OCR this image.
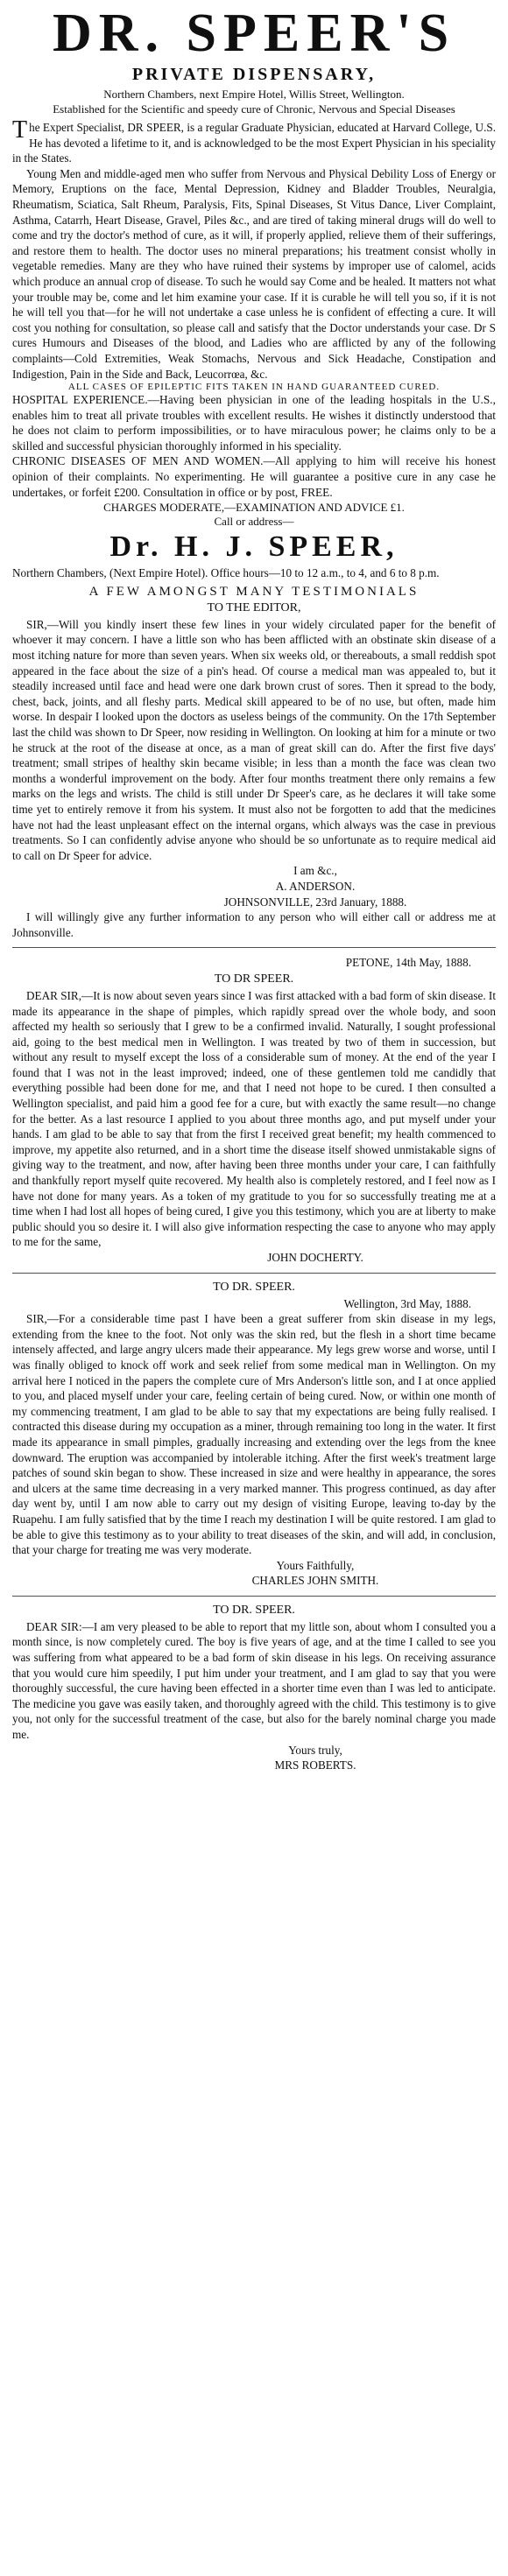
DR. SPEER'S
PRIVATE DISPENSARY,
Northern Chambers, next Empire Hotel, Willis Street, Wellington.
Established for the Scientific and speedy cure of Chronic, Nervous and Special Diseases

The Expert Specialist, DR SPEER, is a regular Graduate Physician, educated at Harvard College, U.S. He has devoted a lifetime to it, and is acknowledged to be the most Expert Physician in his speciality in the States.

Young Men and middle-aged men who suffer from Nervous and Physical Debility Loss of Energy or Memory, Eruptions on the face, Mental Depression, Kidney and Bladder Troubles, Neuralgia, Rheumatism, Sciatica, Salt Rheum, Paralysis, Fits, Spinal Diseases, St Vitus Dance, Liver Complaint, Asthma, Catarrh, Heart Disease, Gravel, Piles &c., and are tired of taking mineral drugs will do well to come and try the doctor's method of cure, as it will, if properly applied, relieve them of their sufferings, and restore them to health. The doctor uses no mineral preparations; his treatment consist wholly in vegetable remedies. Many are they who have ruined their systems by improper use of calomel, acids which produce an annual crop of disease. To such he would say Come and be healed. It matters not what your trouble may be, come and let him examine your case. If it is curable he will tell you so, if it is not he will tell you that—for he will not undertake a case unless he is confident of effecting a cure. It will cost you nothing for consultation, so please call and satisfy that the Doctor understands your case. Dr S cures Humours and Diseases of the blood, and Ladies who are afflicted by any of the following complaints—Cold Extremities, Weak Stomachs, Nervous and Sick Headache, Constipation and Indigestion, Pain in the Side and Back, Leucorrœa, &c.

ALL CASES OF EPILEPTIC FITS TAKEN IN HAND GUARANTEED CURED.

HOSPITAL EXPERIENCE.—Having been physician in one of the leading hospitals in the U.S., enables him to treat all private troubles with excellent results. He wishes it distinctly understood that he does not claim to perform impossibilities, or to have miraculous power; he claims only to be a skilled and successful physician thoroughly informed in his speciality.

CHRONIC DISEASES OF MEN AND WOMEN.—All applying to him will receive his honest opinion of their complaints. No experimenting. He will guarantee a positive cure in any case he undertakes, or forfeit £200. Consultation in office or by post, FREE.

CHARGES MODERATE,—EXAMINATION AND ADVICE £1.
Call or address—
Dr. H. J. SPEER,

Northern Chambers, (Next Empire Hotel). Office hours—10 to 12 a.m., to 4, and 6 to 8 p.m.

A FEW AMONGST MANY TESTIMONIALS
TO THE EDITOR,

SIR,—Will you kindly insert these few lines in your widely circulated paper for the benefit of whoever it may concern. I have a little son who has been afflicted with an obstinate skin disease of a most itching nature for more than seven years. When six weeks old, or thereabouts, a small reddish spot appeared in the face about the size of a pin's head. Of course a medical man was appealed to, but it steadily increased until face and head were one dark brown crust of sores. Then it spread to the body, chest, back, joints, and all fleshy parts. Medical skill appeared to be of no use, but often, made him worse. In despair I looked upon the doctors as useless beings of the community. On the 17th September last the child was shown to Dr Speer, now residing in Wellington. On looking at him for a minute or two he struck at the root of the disease at once, as a man of great skill can do. After the first five days' treatment; small stripes of healthy skin became visible; in less than a month the face was clean two months a wonderful improvement on the body. After four months treatment there only remains a few marks on the legs and wrists. The child is still under Dr Speer's care, as he declares it will take some time yet to entirely remove it from his system. It must also not be forgotten to add that the medicines have not had the least unpleasant effect on the internal organs, which always was the case in previous treatments. So I can confidently advise anyone who should be so unfortunate as to require medical aid to call on Dr Speer for advice.

I am &c.,
A. ANDERSON.
JOHNSONVILLE, 23rd January, 1888.

I will willingly give any further information to any person who will either call or address me at Johnsonville.

PETONE, 14th May, 1888.
TO DR SPEER.

DEAR SIR,—It is now about seven years since I was first attacked with a bad form of skin disease. It made its appearance in the shape of pimples, which rapidly spread over the whole body, and soon affected my health so seriously that I grew to be a confirmed invalid. Naturally, I sought professional aid, going to the best medical men in Wellington. I was treated by two of them in succession, but without any result to myself except the loss of a considerable sum of money. At the end of the year I found that I was not in the least improved; indeed, one of these gentlemen told me candidly that everything possible had been done for me, and that I need not hope to be cured. I then consulted a Wellington specialist, and paid him a good fee for a cure, but with exactly the same result—no change for the better. As a last resource I applied to you about three months ago, and put myself under your hands. I am glad to be able to say that from the first I received great benefit; my health commenced to improve, my appetite also returned, and in a short time the disease itself showed unmistakable signs of giving way to the treatment, and now, after having been three months under your care, I can faithfully and thankfully report myself quite recovered. My health also is completely restored, and I feel now as I have not done for many years. As a token of my gratitude to you for so successfully treating me at a time when I had lost all hopes of being cured, I give you this testimony, which you are at liberty to make public should you so desire it. I will also give information respecting the case to anyone who may apply to me for the same,

JOHN DOCHERTY.
TO DR. SPEER.
Wellington, 3rd May, 1888.

SIR,—For a considerable time past I have been a great sufferer from skin disease in my legs, extending from the knee to the foot. Not only was the skin red, but the flesh in a short time became intensely affected, and large angry ulcers made their appearance. My legs grew worse and worse, until I was finally obliged to knock off work and seek relief from some medical man in Wellington. On my arrival here I noticed in the papers the complete cure of Mrs Anderson's little son, and I at once applied to you, and placed myself under your care, feeling certain of being cured. Now, or within one month of my commencing treatment, I am glad to be able to say that my expectations are being fully realised. I contracted this disease during my occupation as a miner, through remaining too long in the water. It first made its appearance in small pimples, gradually increasing and extending over the legs from the knee downward. The eruption was accompanied by intolerable itching. After the first week's treatment large patches of sound skin began to show. These increased in size and were healthy in appearance, the sores and ulcers at the same time decreasing in a very marked manner. This progress continued, as day after day went by, until I am now able to carry out my design of visiting Europe, leaving to-day by the Ruapehu. I am fully satisfied that by the time I reach my destination I will be quite restored. I am glad to be able to give this testimony as to your ability to treat diseases of the skin, and will add, in conclusion, that your charge for treating me was very moderate.

Yours Faithfully,
CHARLES JOHN SMITH.
TO DR. SPEER.

DEAR SIR:—I am very pleased to be able to report that my little son, about whom I consulted you a month since, is now completely cured. The boy is five years of age, and at the time I called to see you was suffering from what appeared to be a bad form of skin disease in his legs. On receiving assurance that you would cure him speedily, I put him under your treatment, and I am glad to say that you were thoroughly successful, the cure having been effected in a shorter time even than I was led to anticipate. The medicine you gave was easily taken, and thoroughly agreed with the child. This testimony is to give you, not only for the successful treatment of the case, but also for the barely nominal charge you made me.

Yours truly,
MRS ROBERTS.
